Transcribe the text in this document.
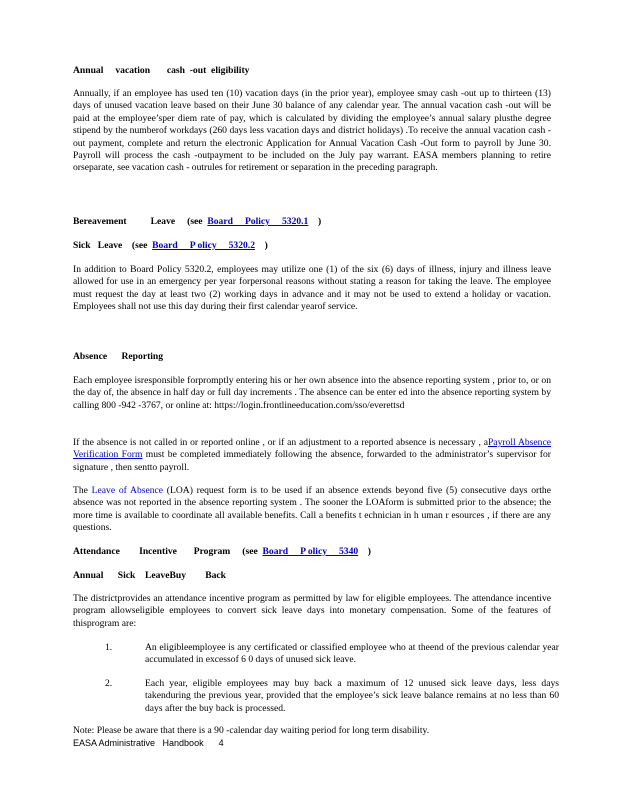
Annual     vacation       cash  -out  eligibility

Annually, if an employee has used ten (10) vacation days (in the prior year), employee smay cash -out up to thirteen (13) days of unused vacation leave based on their June 30 balance of any calendar year. The annual vacation cash -out will be paid at the employee’sper diem rate of pay, which is calculated by dividing the employee’s annual salary plusthe degree stipend by the numberof workdays (260 days less vacation days and district holidays) .To receive the annual vacation cash -out payment, complete and return the electronic Application for Annual Vacation Cash -Out form to payroll by June 30. Payroll will process the cash -outpayment to be included on the July pay warrant. EASA members planning to retire orseparate, see vacation cash - outrules for retirement or separation in the preceding paragraph.

Bereavement          Leave     (see  Board     Policy     5320.1    )

Sick   Leave    (see  Board     P olicy     5320.2    )

In addition to Board Policy 5320.2, employees may utilize one (1) of the six (6) days of illness, injury and illness leave allowed for use in an emergency per year forpersonal reasons without stating a reason for taking the leave. The employee must request the day at least two (2) working days in advance and it may not be used to extend a holiday or vacation. Employees shall not use this day during their first calendar yearof service.

Absence      Reporting

Each employee isresponsible forpromptly entering his or her own absence into the absence reporting system , prior to, or on the day of, the absence in half day or full day increments . The absence can be enter ed into the absence reporting system by calling 800 -942 -3767, or online at: https://login.frontlineeducation.com/sso/everettsd

If the absence is not called in or reported online , or if an adjustment to a reported absence is necessary , aPayroll Absence Verification Form must be completed immediately following the absence, forwarded to the administrator’s supervisor for signature , then sentto payroll.

The Leave of Absence (LOA) request form is to be used if an absence extends beyond five (5) consecutive days orthe absence was not reported in the absence reporting system . The sooner the LOAform is submitted prior to the absence; the more time is available to coordinate all available benefits. Call a benefits t echnician in h uman r esources , if there are any questions.

Attendance        Incentive       Program     (see  Board     P olicy     5340    )

Annual      Sick    LeaveBuy        Back

The districtprovides an attendance incentive program as permitted by law for eligible employees. The attendance incentive program allowseligible employees to convert sick leave days into monetary compensation. Some of the features of thisprogram are:

1.	An eligibleemployee is any certificated or classified employee who at theend of the previous calendar year accumulated in excessof 6 0 days of unused sick leave.
2.	Each year, eligible employees may buy back a maximum of 12 unused sick leave days, less days takenduring the previous year, provided that the employee’s sick leave balance remains at no less than 60 days after the buy back is processed.

Note: Please be aware that there is a 90 -calendar day waiting period for long term disability.

EASA Administrative   Handbook 4
